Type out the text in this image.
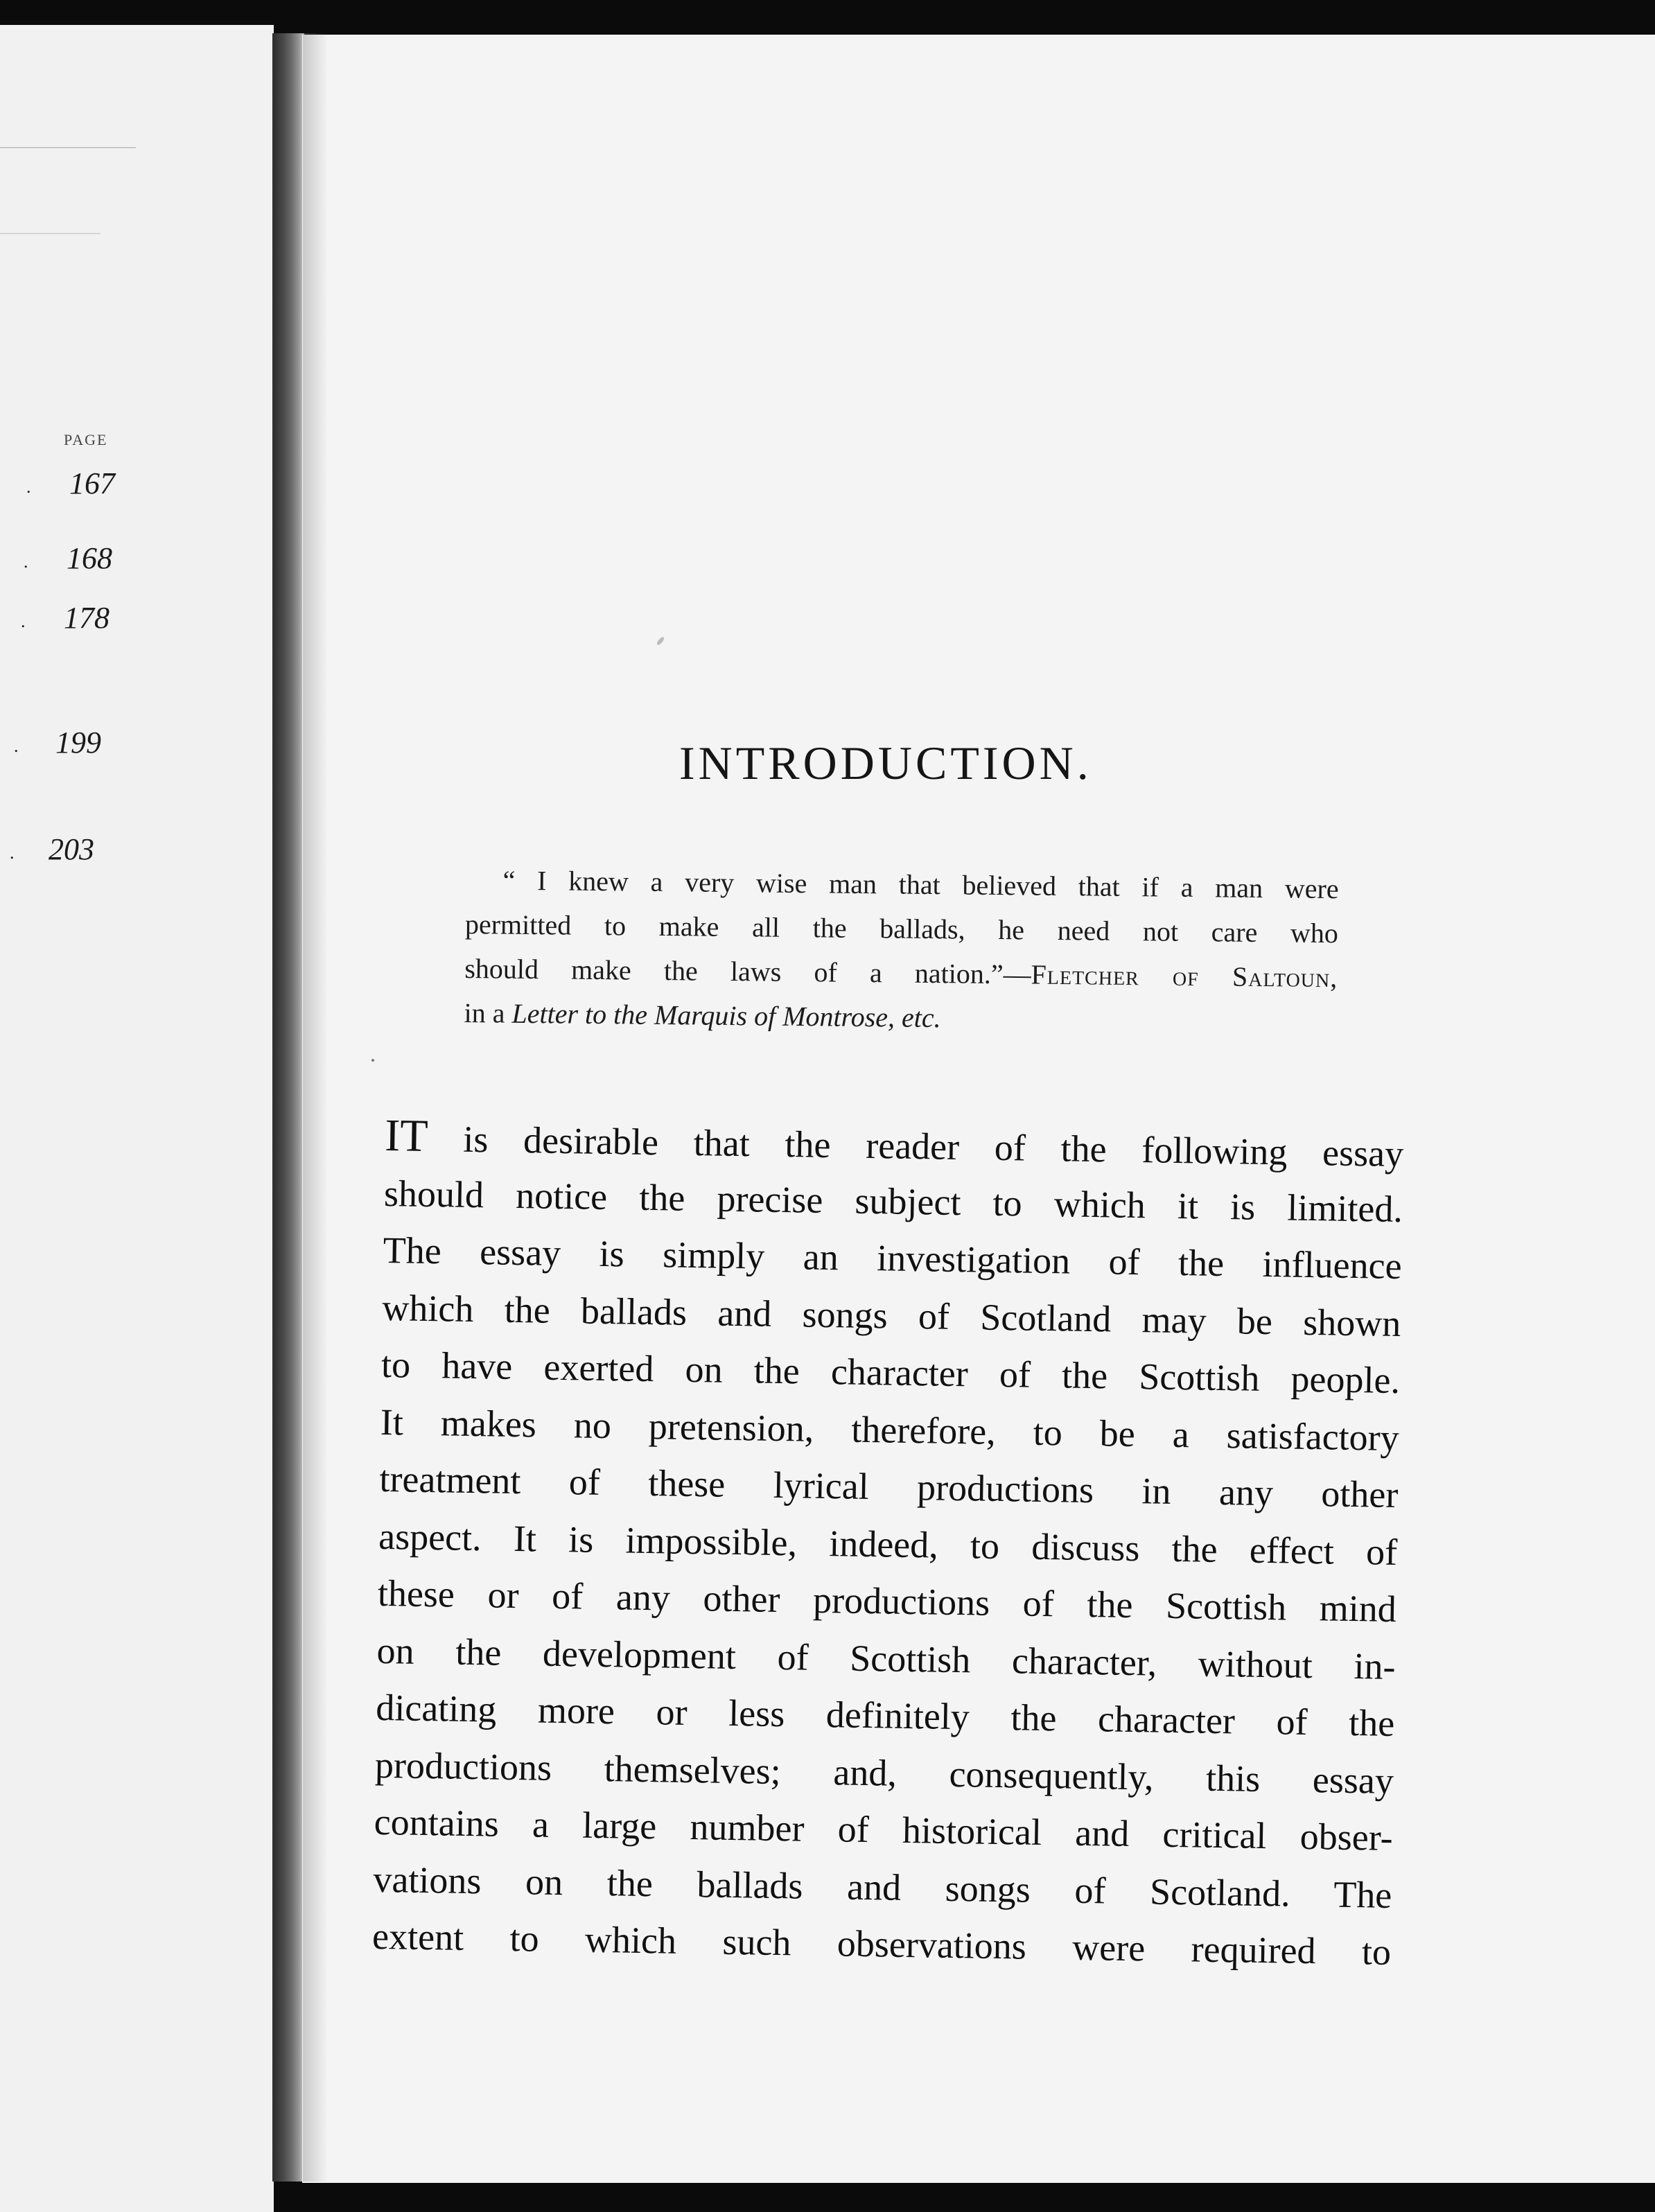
PAGE
. 167
. 168
. 178
. 199
. 203
INTRODUCTION.
“ I knew a very wise man that believed that if a man were
permitted to make all the ballads, he need not care who
should make the laws of a nation.”—Fletcher of Saltoun,
in a Letter to the Marquis of Montrose, etc.
IT is desirable that the reader of the following essay
should notice the precise subject to which it is limited.
The essay is simply an investigation of the influence
which the ballads and songs of Scotland may be shown
to have exerted on the character of the Scottish people.
It makes no pretension, therefore, to be a satisfactory
treatment of these lyrical productions in any other
aspect. It is impossible, indeed, to discuss the effect of
these or of any other productions of the Scottish mind
on the development of Scottish character, without in-
dicating more or less definitely the character of the
productions themselves; and, consequently, this essay
contains a large number of historical and critical obser-
vations on the ballads and songs of Scotland. The
extent to which such observations were required to
